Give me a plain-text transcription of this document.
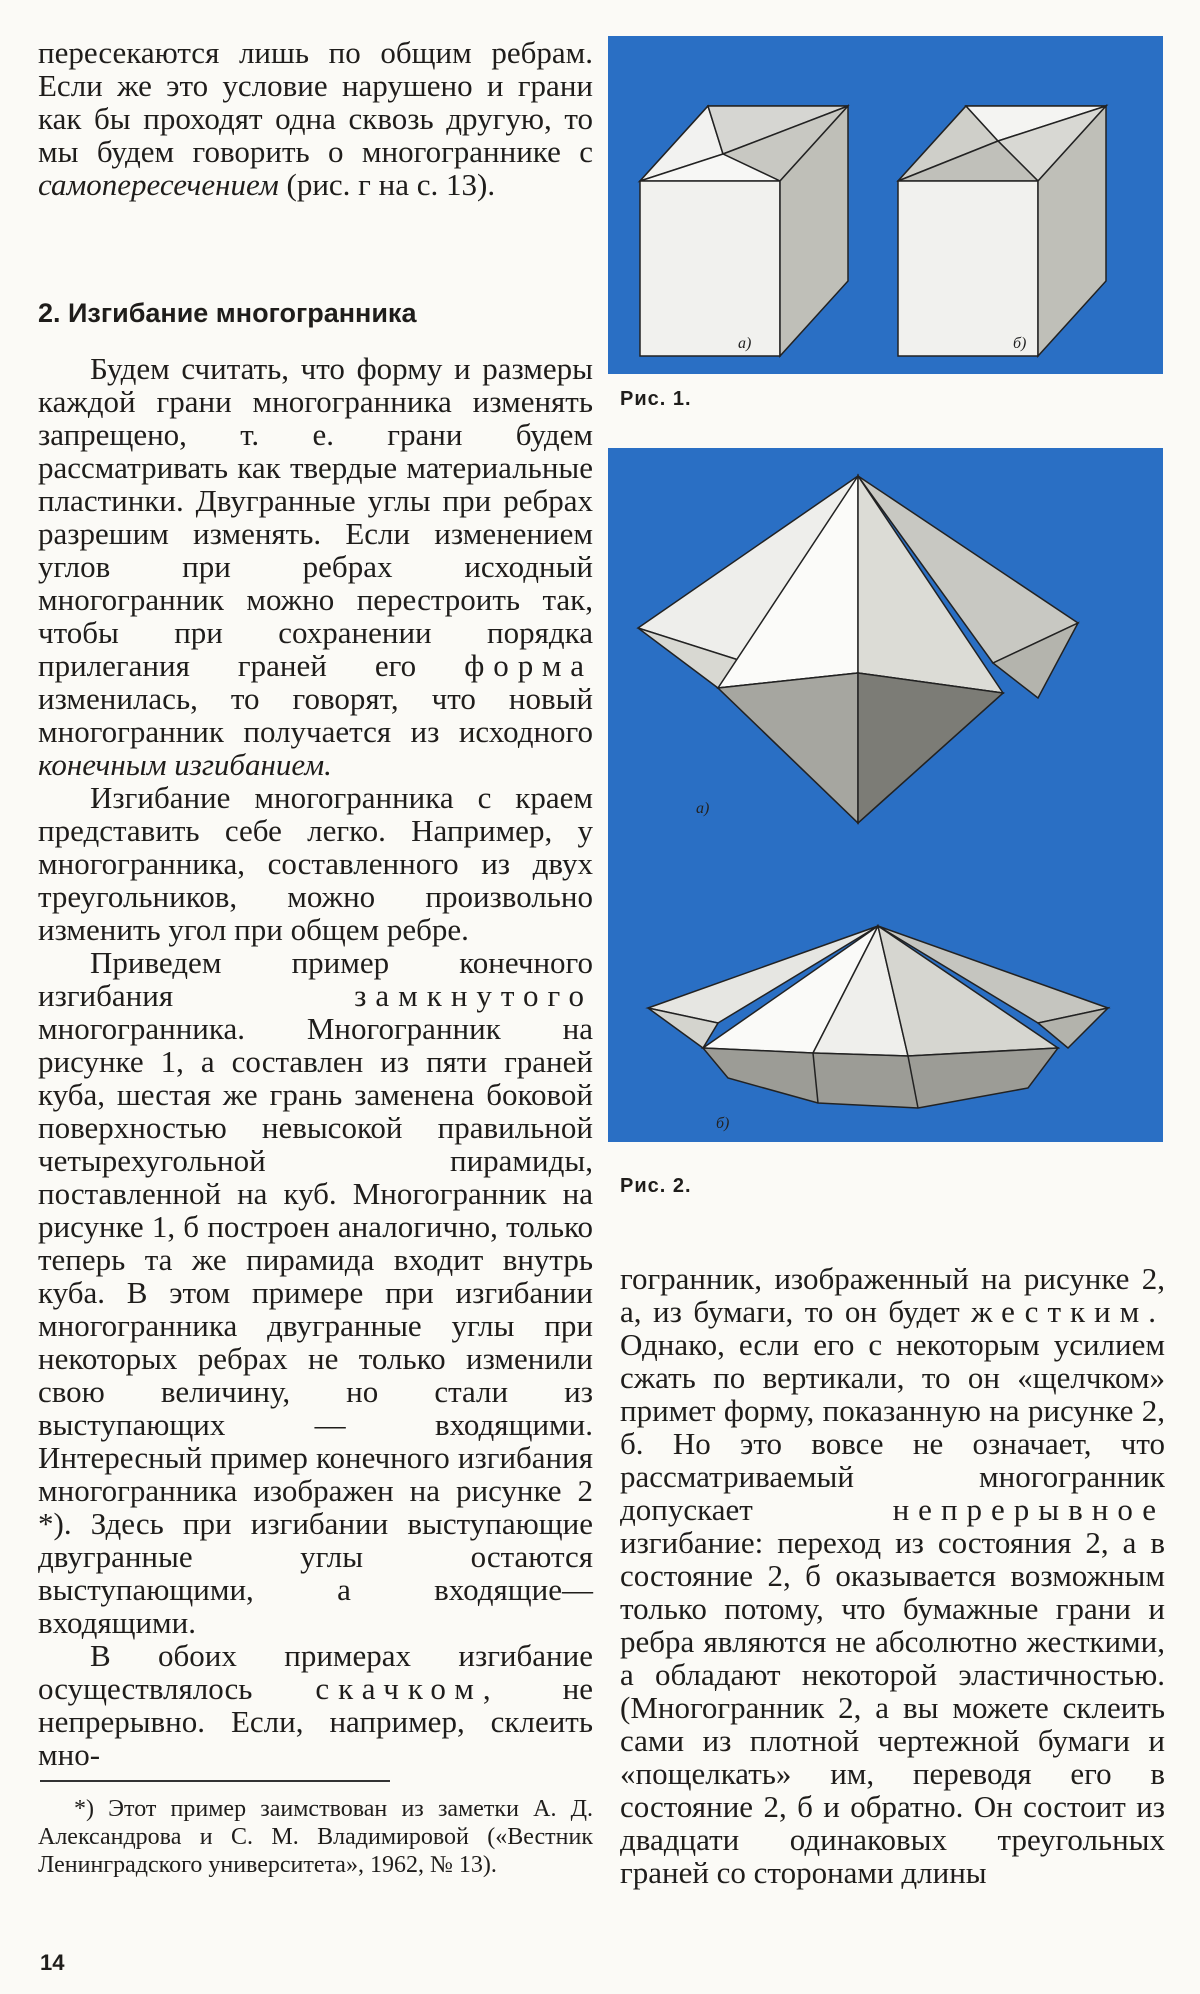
пересекаются лишь по общим ребрам. Если же это условие нарушено и грани как бы проходят одна сквозь другую, то мы будем говорить о многограннике с самопересечением (рис. г на с. 13).

2. Изгибание многогранника

Будем считать, что форму и размеры каждой грани многогранника изменять запрещено, т. е. грани будем рассматривать как твердые материальные пластинки. Двугранные углы при ребрах разрешим изменять. Если изменением углов при ребрах исходный многогранник можно перестроить так, чтобы при сохранении порядка прилегания граней его форма изменилась, то говорят, что новый многогранник получается из исходного конечным изгибанием.

Изгибание многогранника с краем представить себе легко. Например, у многогранника, составленного из двух треугольников, можно произвольно изменить угол при общем ребре.

Приведем пример конечного изгибания	замкнутого многогранника. Многогранник на рисунке 1, а составлен из пяти граней куба, шестая же грань заменена боковой поверхностью невысокой правильной четырехугольной пирамиды, поставленной на куб. Многогранник на рисунке 1, б построен аналогично, только теперь та же пирамида входит внутрь куба. В этом примере при изгибании многогранника двугранные углы при некоторых ребрах не только изменили свою величину, но стали из выступающих — входящими. Интересный пример конечного изгибания многогранника изображен на рисунке 2 *). Здесь при изгибании выступающие двугранные углы остаются выступающими, а входящие— входящими.

В обоих примерах изгибание осуществлялось скачком, не непрерывно. Если, например, склеить мно-

а)	б)
Рис. 1.
а)
б)
Рис. 2.

гогранник, изображенный на рисунке 2, а, из бумаги, то он будет жестким. Однако, если его с некоторым усилием сжать по вертикали, то он «щелчком» примет форму, показанную на рисунке 2, б. Но это вовсе не означает, что рассматриваемый многогранник допускает	непрерывное изгибание: переход из состояния 2, а в состояние 2, б оказывается возможным только потому, что бумажные грани и ребра являются не абсолютно жесткими, а обладают некоторой эластичностью. (Многогранник 2, а вы можете склеить сами из плотной чертежной бумаги и «пощелкать» им, переводя его в состояние 2, б и обратно. Он состоит из двадцати одинаковых треугольных граней со сторонами длины

*) Этот пример заимствован из заметки А. Д. Александрова и С. М. Владимировой («Вестник Ленинградского университета», 1962, № 13).

14
